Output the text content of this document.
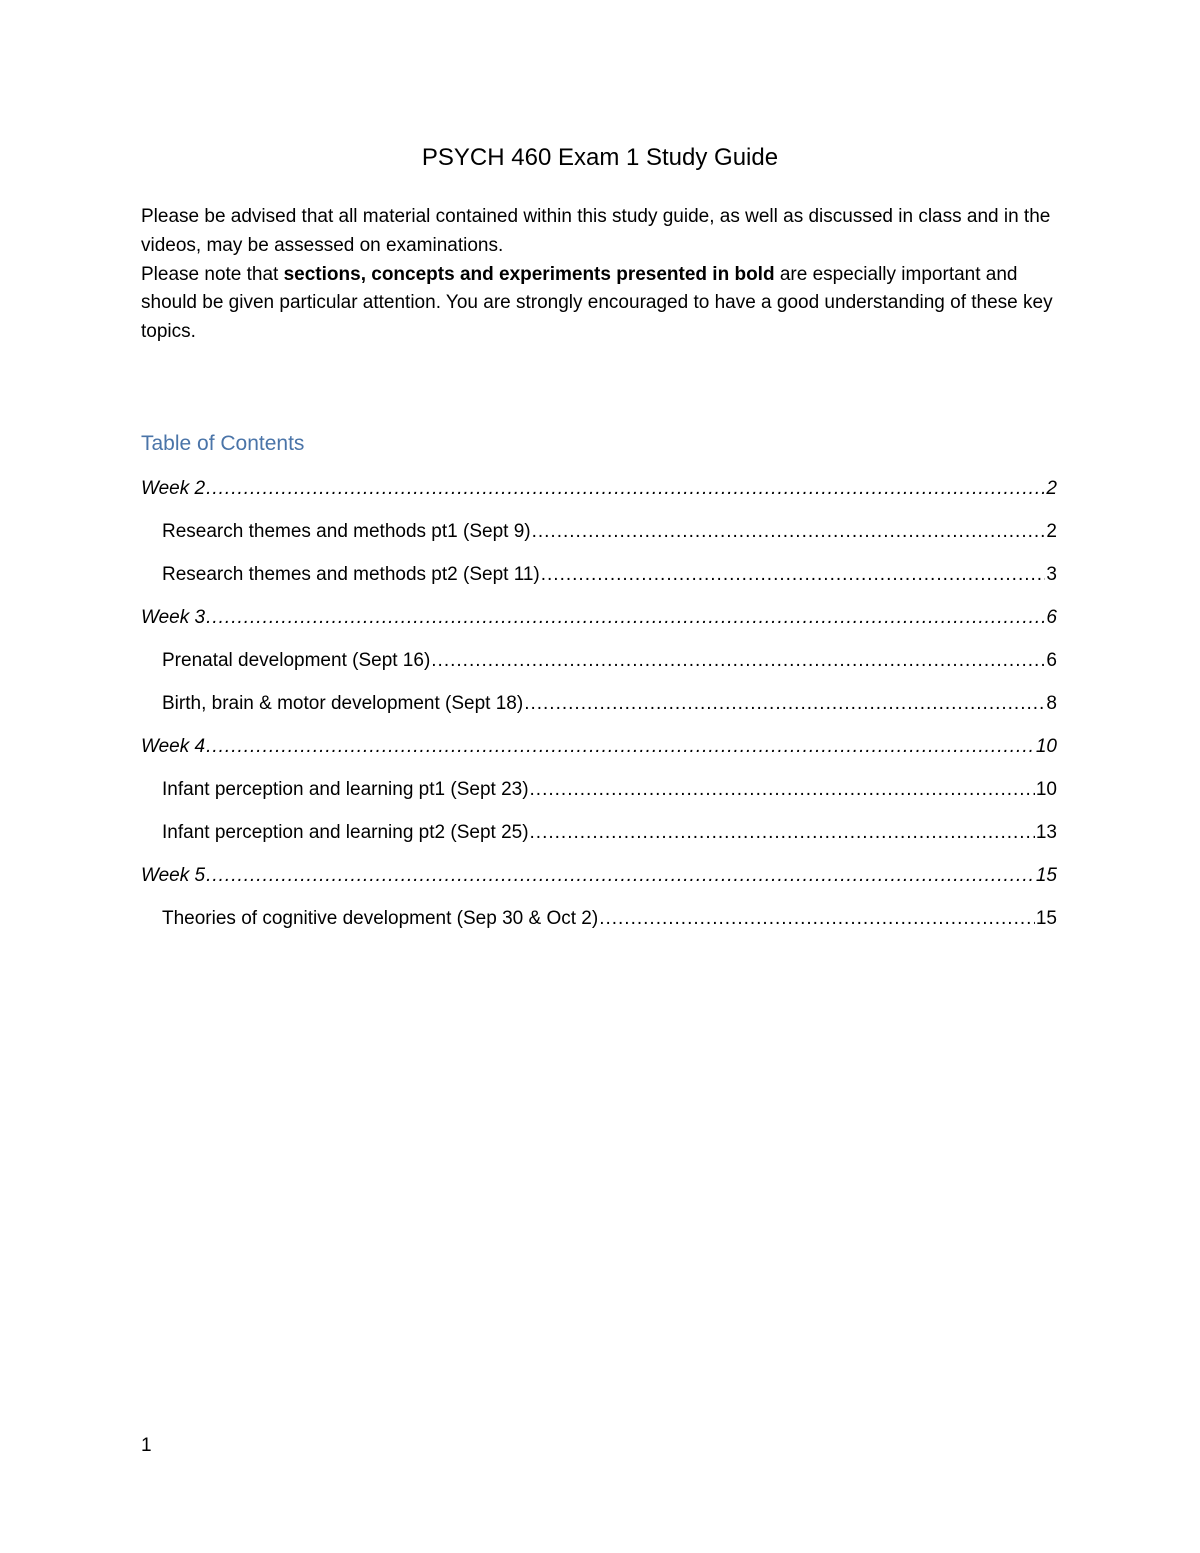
PSYCH 460 Exam 1 Study Guide

Please be advised that all material contained within this study guide, as well as discussed in class and in the videos, may be assessed on examinations.

Please note that sections, concepts and experiments presented in bold are especially important and should be given particular attention. You are strongly encouraged to have a good understanding of these key topics.

Table of Contents
Week 2 .....	2
Research themes and methods pt1 (Sept 9) .....	2
Research themes and methods pt2 (Sept 11) .....	3
Week 3 .....	6
Prenatal development (Sept 16) .....	6
Birth, brain & motor development (Sept 18) .....	8
Week 4 .....	10
Infant perception and learning pt1 (Sept 23) .....	10
Infant perception and learning pt2 (Sept 25) .....	13
Week 5 .....	15
Theories of cognitive development (Sep 30 & Oct 2) .....	15
1
